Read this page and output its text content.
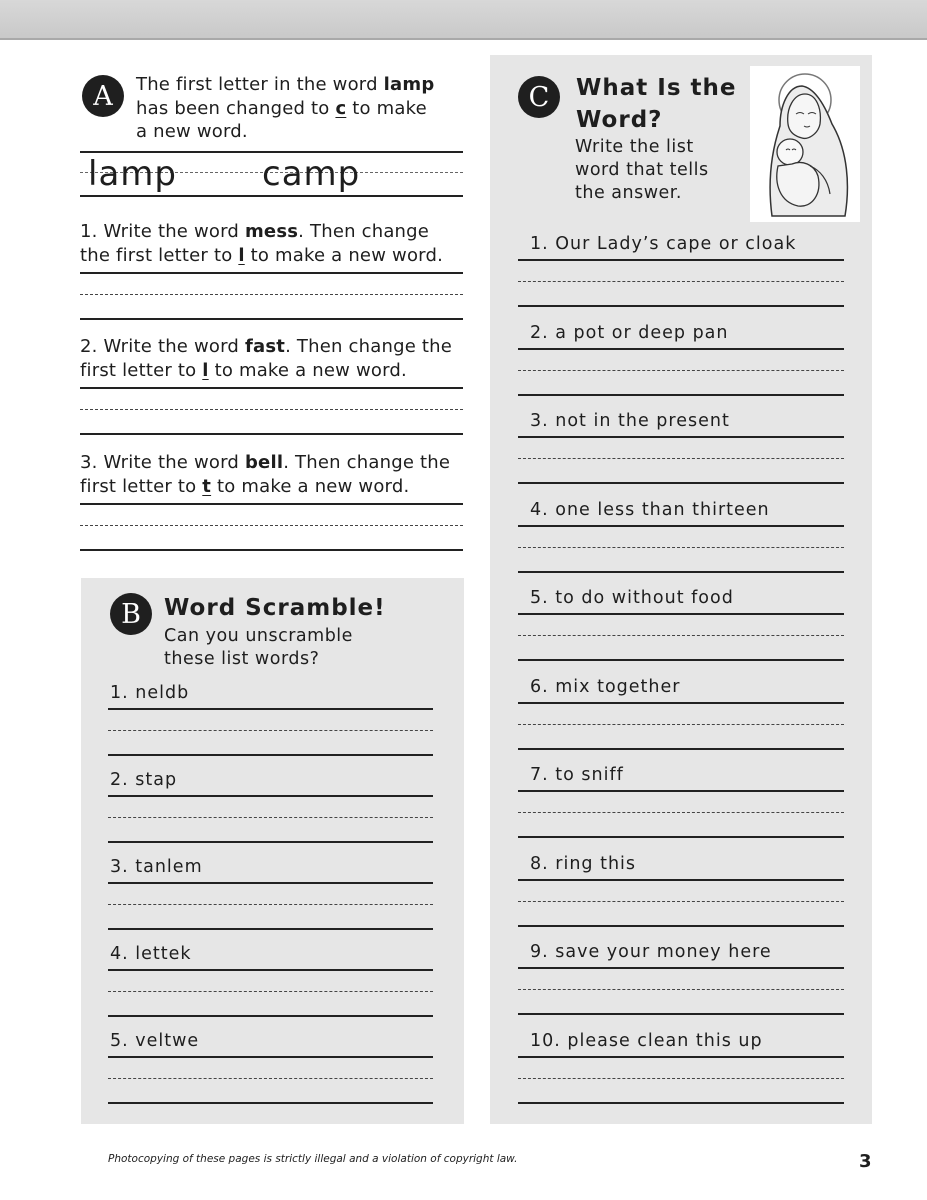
A	The first letter in the word lamp
has been changed to c to make
a new word.
lamp	camp
1. Write the word mess. Then change
the first letter to l to make a new word.
2. Write the word fast. Then change the
first letter to l to make a new word.
3. Write the word bell. Then change the
first letter to t to make a new word.
B	Word Scramble!
Can you unscramble
these list words?
1. neldb
2. stap
3. tanlem
4. lettek
5. veltwe
C	What Is the
Word?
Write the list
word that tells
the answer.
1. Our Lady’s cape or cloak
2. a pot or deep pan
3. not in the present
4. one less than thirteen
5. to do without food
6. mix together
7. to sniff
8. ring this
9. save your money here
10. please clean this up
Photocopying of these pages is strictly illegal and a violation of copyright law.	3
